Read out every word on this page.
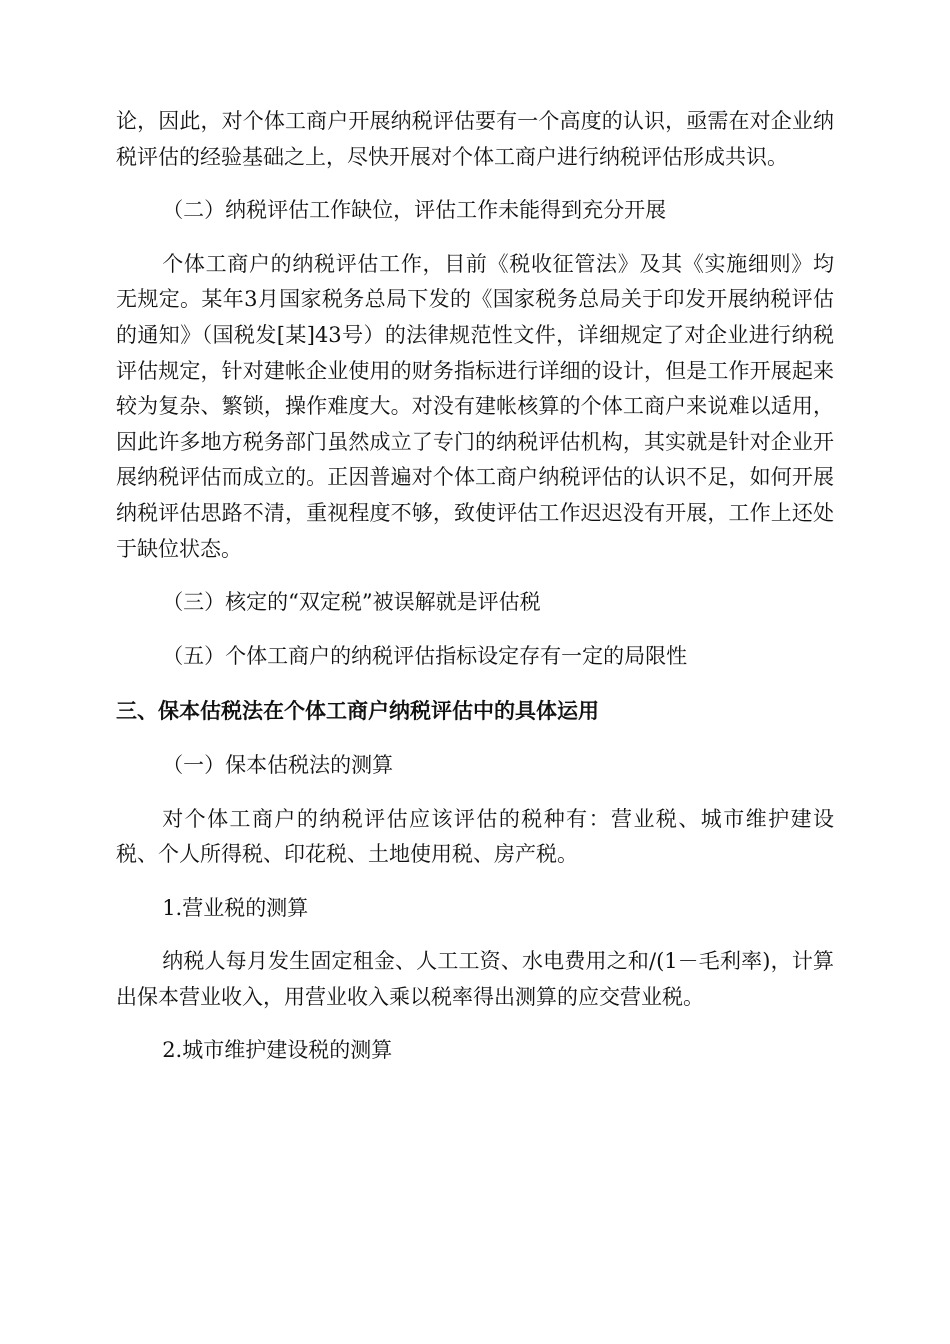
论，因此，对个体工商户开展纳税评估要有一个高度的认识，亟需在对企业纳税评估的经验基础之上，尽快开展对个体工商户进行纳税评估形成共识。

（二）纳税评估工作缺位，评估工作未能得到充分开展

个体工商户的纳税评估工作，目前《税收征管法》及其《实施细则》均无规定。某年3月国家税务总局下发的《国家税务总局关于印发开展纳税评估的通知》（国税发[某]43号）的法律规范性文件，详细规定了对企业进行纳税评估规定，针对建帐企业使用的财务指标进行详细的设计，但是工作开展起来较为复杂、繁锁，操作难度大。对没有建帐核算的个体工商户来说难以适用，因此许多地方税务部门虽然成立了专门的纳税评估机构，其实就是针对企业开展纳税评估而成立的。正因普遍对个体工商户纳税评估的认识不足，如何开展纳税评估思路不清，重视程度不够，致使评估工作迟迟没有开展，工作上还处于缺位状态。

（三）核定的“双定税”被误解就是评估税

（五）个体工商户的纳税评估指标设定存有一定的局限性

三、保本估税法在个体工商户纳税评估中的具体运用

（一）保本估税法的测算

对个体工商户的纳税评估应该评估的税种有：营业税、城市维护建设税、个人所得税、印花税、土地使用税、房产税。

1.营业税的测算

纳税人每月发生固定租金、人工工资、水电费用之和/(1－毛利率)，计算出保本营业收入，用营业收入乘以税率得出测算的应交营业税。

2.城市维护建设税的测算
